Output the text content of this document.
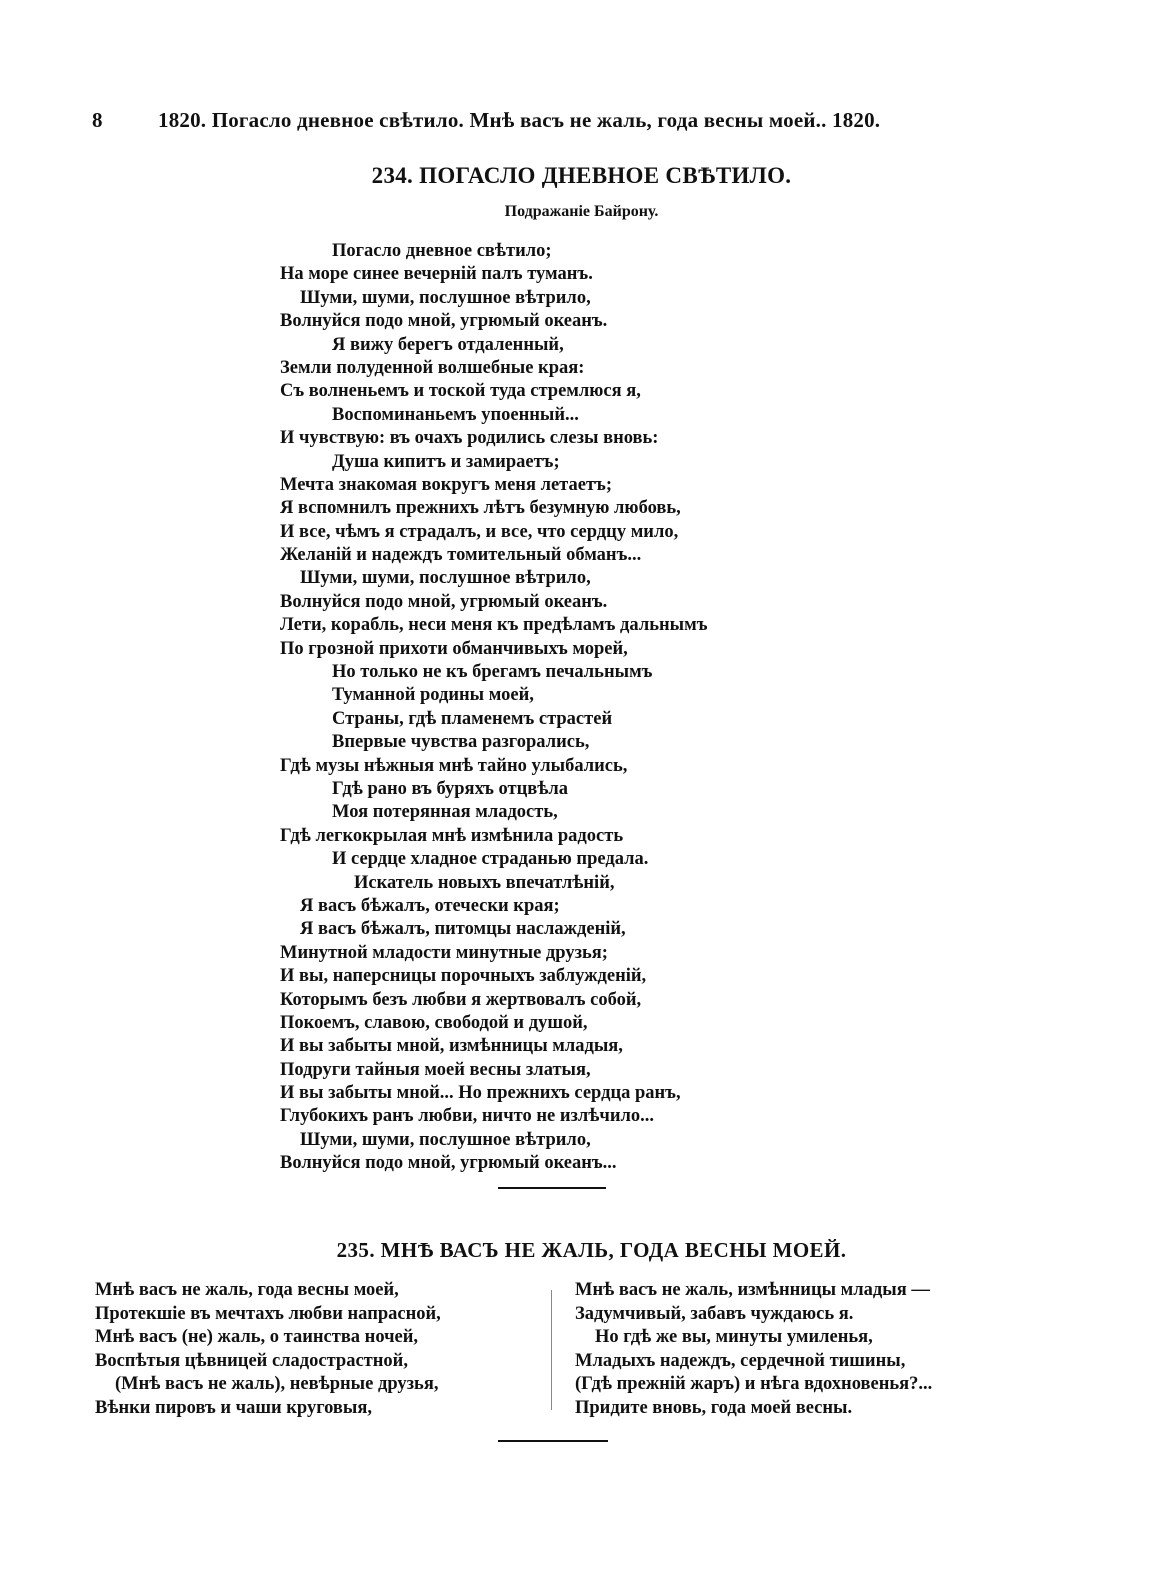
8	1820. Погасло дневное свѣтило. Мнѣ васъ не жаль, года весны моей.. 1820.
234. ПОГАСЛО ДНЕВНОЕ СВѢТИЛО.
Подражаніе Байрону.
Погасло дневное свѣтило;
На море синее вечерній палъ туманъ.
Шуми, шуми, послушное вѣтрило,
Волнуйся подо мной, угрюмый океанъ.
Я вижу берегъ отдаленный,
Земли полуденной волшебные края:
Съ волненьемъ и тоской туда стремлюся я,
Воспоминаньемъ упоенный...
И чувствую: въ очахъ родились слезы вновь:
Душа кипитъ и замираетъ;
Мечта знакомая вокругъ меня летаетъ;
Я вспомнилъ прежнихъ лѣтъ безумную любовь,
И все, чѣмъ я страдалъ, и все, что сердцу мило,
Желаній и надеждъ томительный обманъ...
Шуми, шуми, послушное вѣтрило,
Волнуйся подо мной, угрюмый океанъ.
Лети, корабль, неси меня къ предѣламъ дальнымъ
По грозной прихоти обманчивыхъ морей,
Но только не къ брегамъ печальнымъ
Туманной родины моей,
Страны, гдѣ пламенемъ страстей
Впервые чувства разгорались,
Гдѣ музы нѣжныя мнѣ тайно улыбались,
Гдѣ рано въ буряхъ отцвѣла
Моя потерянная младость,
Гдѣ легкокрылая мнѣ измѣнила радость
И сердце хладное страданью предала.
Искатель новыхъ впечатлѣній,
Я васъ бѣжалъ, отечески края;
Я васъ бѣжалъ, питомцы наслажденій,
Минутной младости минутные друзья;
И вы, наперсницы порочныхъ заблужденій,
Которымъ безъ любви я жертвовалъ собой,
Покоемъ, славою, свободой и душой,
И вы забыты мной, измѣнницы младыя,
Подруги тайныя моей весны златыя,
И вы забыты мной... Но прежнихъ сердца ранъ,
Глубокихъ ранъ любви, ничто не излѣчило...
Шуми, шуми, послушное вѣтрило,
Волнуйся подо мной, угрюмый океанъ...
235. МНѢ ВАСЪ НЕ ЖАЛЬ, ГОДА ВЕСНЫ МОЕЙ.
Мнѣ васъ не жаль, года весны моей,
Протекшіе въ мечтахъ любви напрасной,
Мнѣ васъ (не) жаль, о таинства ночей,
Воспѣтыя цѣвницей сладострастной,
(Мнѣ васъ не жаль), невѣрные друзья,
Вѣнки пировъ и чаши круговыя,
Мнѣ васъ не жаль, измѣнницы младыя —
Задумчивый, забавъ чуждаюсь я.
Но гдѣ же вы, минуты умиленья,
Младыхъ надеждъ, сердечной тишины,
(Гдѣ прежній жаръ) и нѣга вдохновенья?...
Придите вновь, года моей весны.
